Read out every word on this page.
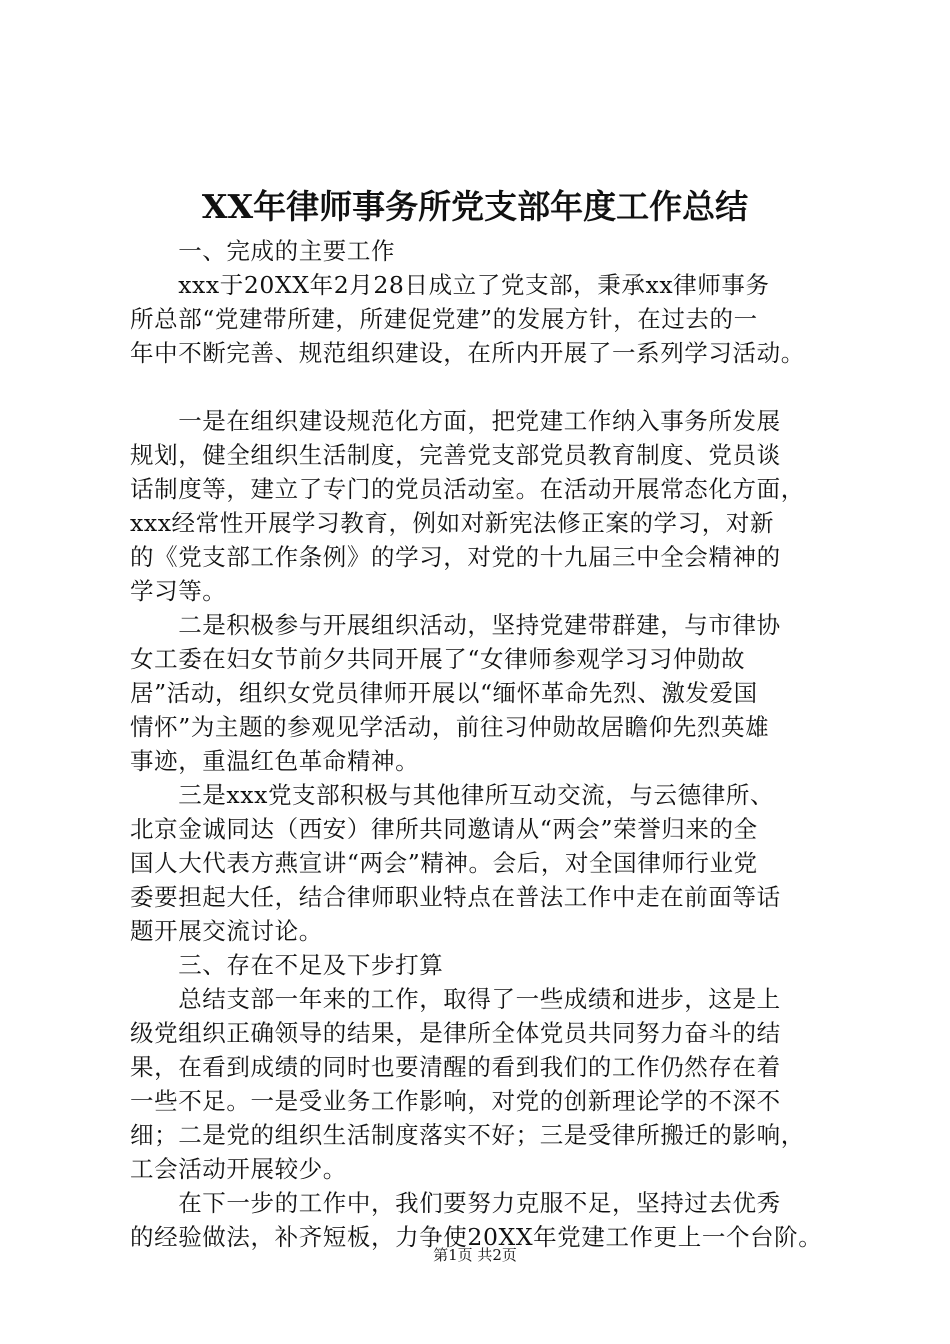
XX年律师事务所党支部年度工作总结
　　一、完成的主要工作
　　xxx于20XX年2月28日成立了党支部，秉承xx律师事务
所总部“党建带所建，所建促党建”的发展方针，在过去的一
年中不断完善、规范组织建设，在所内开展了一系列学习活动。
　　一是在组织建设规范化方面，把党建工作纳入事务所发展
规划，健全组织生活制度，完善党支部党员教育制度、党员谈
话制度等，建立了专门的党员活动室。在活动开展常态化方面，
xxx经常性开展学习教育，例如对新宪法修正案的学习，对新
的《党支部工作条例》的学习，对党的十九届三中全会精神的
学习等。
　　二是积极参与开展组织活动，坚持党建带群建，与市律协
女工委在妇女节前夕共同开展了“女律师参观学习习仲勋故
居”活动，组织女党员律师开展以“缅怀革命先烈、激发爱国
情怀”为主题的参观见学活动，前往习仲勋故居瞻仰先烈英雄
事迹，重温红色革命精神。
　　三是xxx党支部积极与其他律所互动交流，与云德律所、
北京金诚同达（西安）律所共同邀请从“两会”荣誉归来的全
国人大代表方燕宣讲“两会”精神。会后，对全国律师行业党
委要担起大任，结合律师职业特点在普法工作中走在前面等话
题开展交流讨论。
　　三、存在不足及下步打算
　　总结支部一年来的工作，取得了一些成绩和进步，这是上
级党组织正确领导的结果，是律所全体党员共同努力奋斗的结
果，在看到成绩的同时也要清醒的看到我们的工作仍然存在着
一些不足。一是受业务工作影响，对党的创新理论学的不深不
细；二是党的组织生活制度落实不好；三是受律所搬迁的影响，
工会活动开展较少。
　　在下一步的工作中，我们要努力克服不足，坚持过去优秀
的经验做法，补齐短板，力争使20XX年党建工作更上一个台阶。
第1页 共2页
